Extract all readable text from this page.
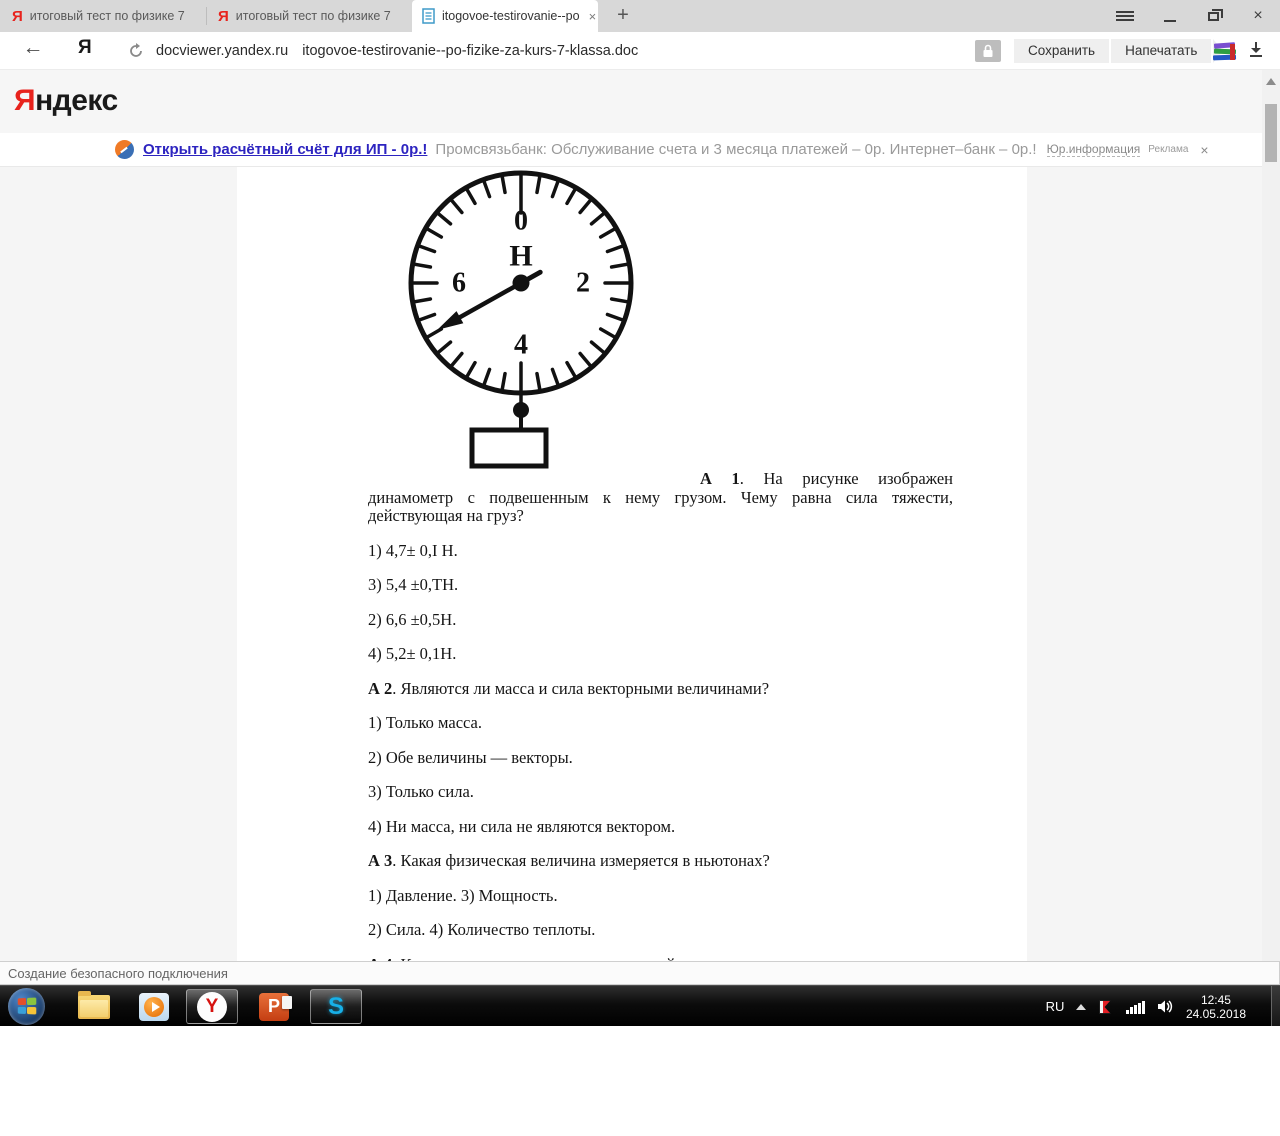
Я итоговый тест по физике 7 Я итоговый тест по физике 7	itogovoe-testirovanie--po ×	+	×
← Я	docviewer.yandex.ru itogovoe-testirovanie--po-fizike-za-kurs-7-klassa.doc	Сохранить	Напечатать
Яндекс
Открыть расчётный счёт для ИП - 0р.! Промсвязьбанк: Обслуживание счета и 3 месяца платежей – 0р. Интернет–банк – 0р.! Юр.информация Реклама ×
0
2
4
6
Н

А 1. На рисунке изображен динамометр с подвешенным к нему грузом. Чему равна сила тяжести, действующая на груз?

1) 4,7± 0,I Н.
3) 5,4 ±0,ТН.
2) 6,6 ±0,5Н.
4) 5,2± 0,1Н.
А 2. Являются ли масса и сила векторными величинами?
1) Только масса.
2) Обе величины — векторы.
3) Только сила.
4) Ни масса, ни сила не являются вектором.
А 3. Какая физическая величина измеряется в ньютонах?
1) Давление. 3) Мощность.
2) Сила. 4) Количество теплоты.
Создание безопасного подключения
Y	P	S	RU	12:45
24.05.2018
